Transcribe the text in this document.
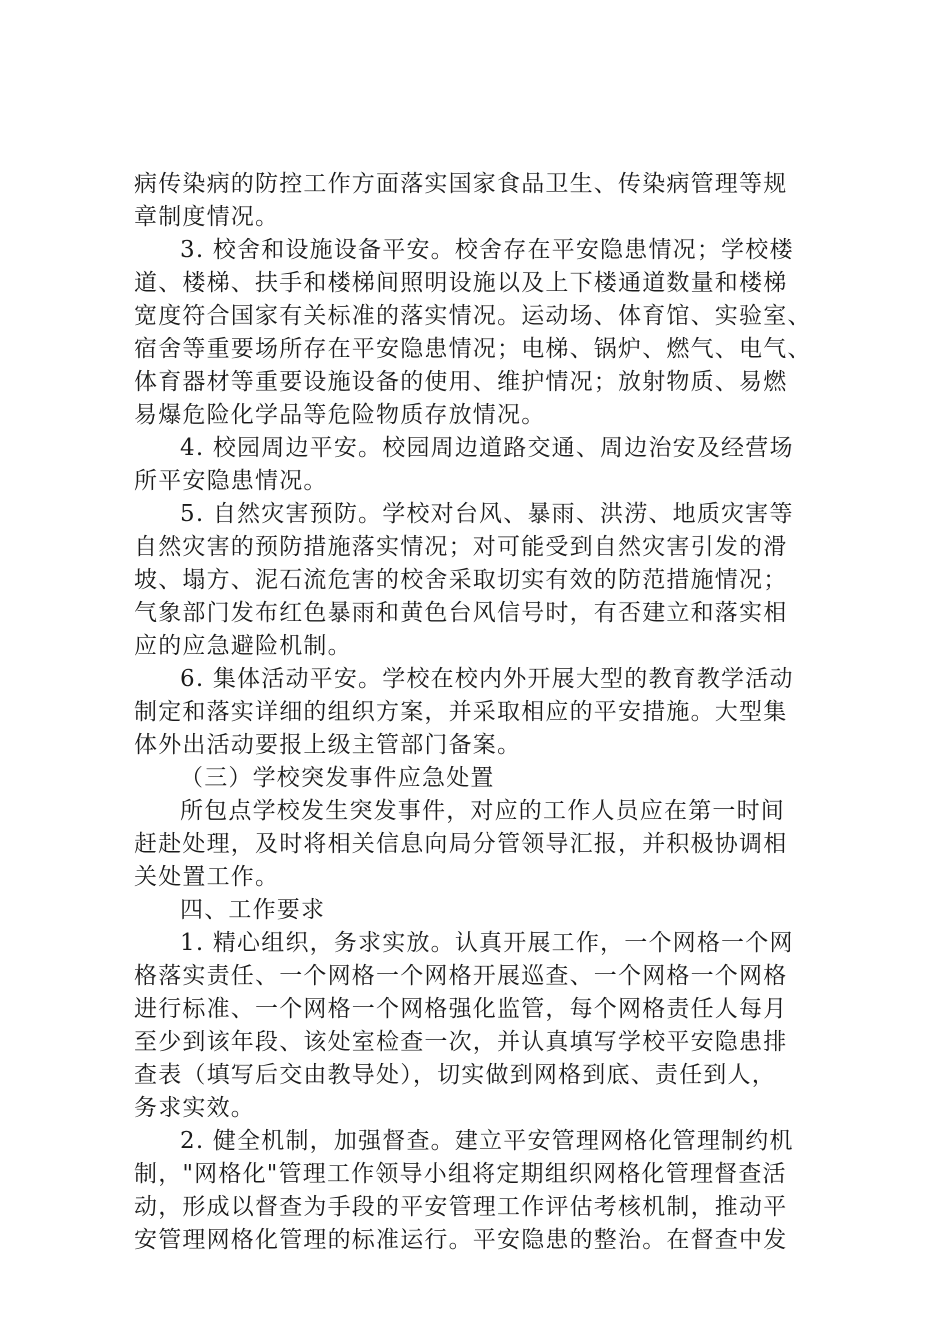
病传染病的防控工作方面落实国家食品卫生、传染病管理等规
章制度情况。
3. 校舍和设施设备平安。校舍存在平安隐患情况；学校楼
道、楼梯、扶手和楼梯间照明设施以及上下楼通道数量和楼梯
宽度符合国家有关标准的落实情况。运动场、体育馆、实验室、
宿舍等重要场所存在平安隐患情况；电梯、锅炉、燃气、电气、
体育器材等重要设施设备的使用、维护情况；放射物质、易燃
易爆危险化学品等危险物质存放情况。
4. 校园周边平安。校园周边道路交通、周边治安及经营场
所平安隐患情况。
5. 自然灾害预防。学校对台风、暴雨、洪涝、地质灾害等
自然灾害的预防措施落实情况；对可能受到自然灾害引发的滑
坡、塌方、泥石流危害的校舍采取切实有效的防范措施情况；
气象部门发布红色暴雨和黄色台风信号时，有否建立和落实相
应的应急避险机制。
6. 集体活动平安。学校在校内外开展大型的教育教学活动
制定和落实详细的组织方案，并采取相应的平安措施。大型集
体外出活动要报上级主管部门备案。
（三）学校突发事件应急处置
所包点学校发生突发事件，对应的工作人员应在第一时间
赶赴处理，及时将相关信息向局分管领导汇报，并积极协调相
关处置工作。
四、工作要求
1. 精心组织，务求实放。认真开展工作，一个网格一个网
格落实责任、一个网格一个网格开展巡查、一个网格一个网格
进行标准、一个网格一个网格强化监管，每个网格责任人每月
至少到该年段、该处室检查一次，并认真填写学校平安隐患排
查表（填写后交由教导处），切实做到网格到底、责任到人，
务求实效。
2. 健全机制，加强督查。建立平安管理网格化管理制约机
制，"网格化"管理工作领导小组将定期组织网格化管理督查活
动，形成以督查为手段的平安管理工作评估考核机制，推动平
安管理网格化管理的标准运行。平安隐患的整治。在督查中发
